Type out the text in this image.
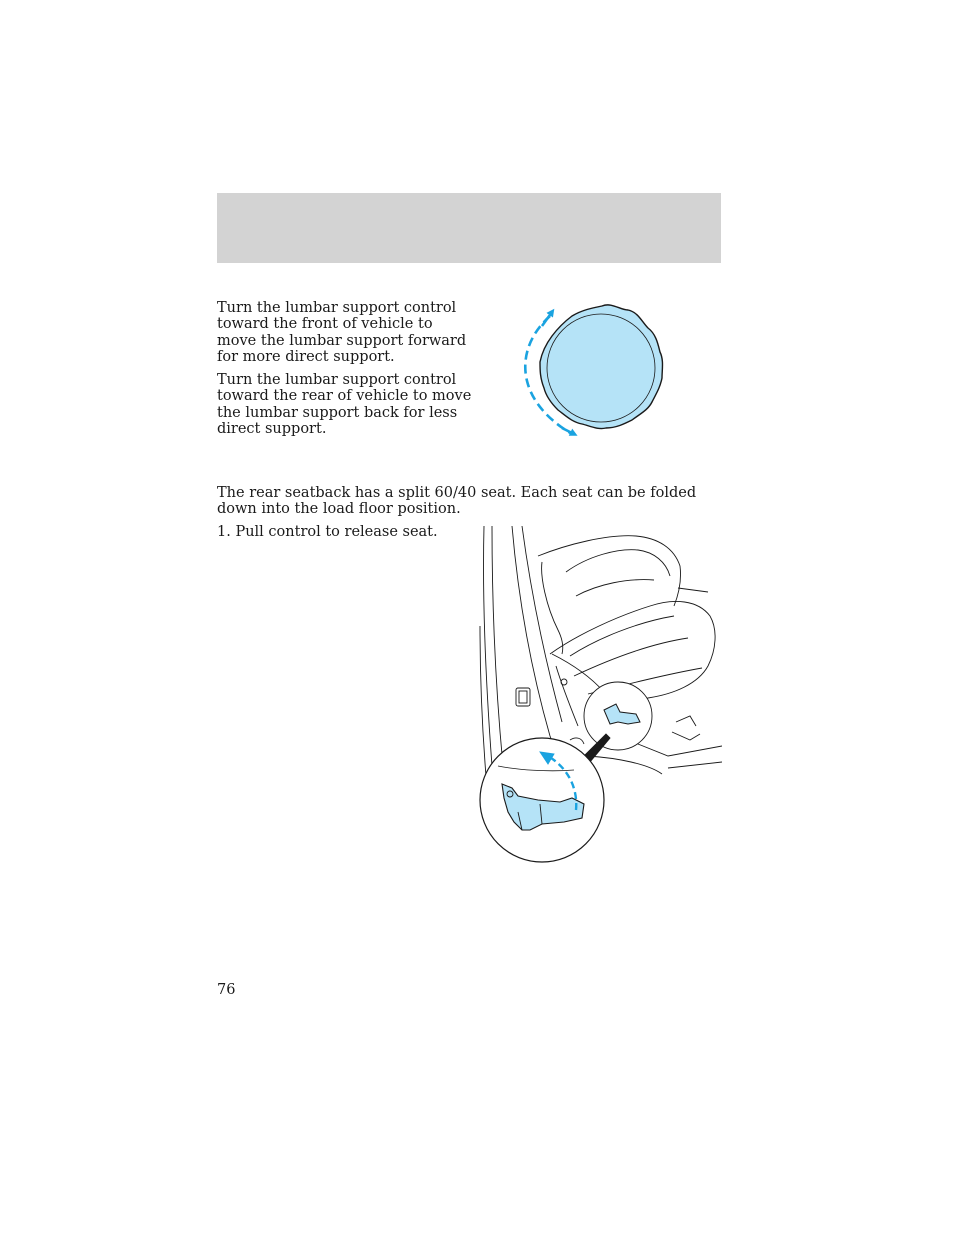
Turn the lumbar support control toward the front of vehicle to move the lumbar support forward for more direct support.

Turn the lumbar support control toward the rear of vehicle to move the lumbar support back for less direct support.

The rear seatback has a split 60/40 seat. Each seat can be folded down into the load floor position.

1. Pull control to release seat.

76
